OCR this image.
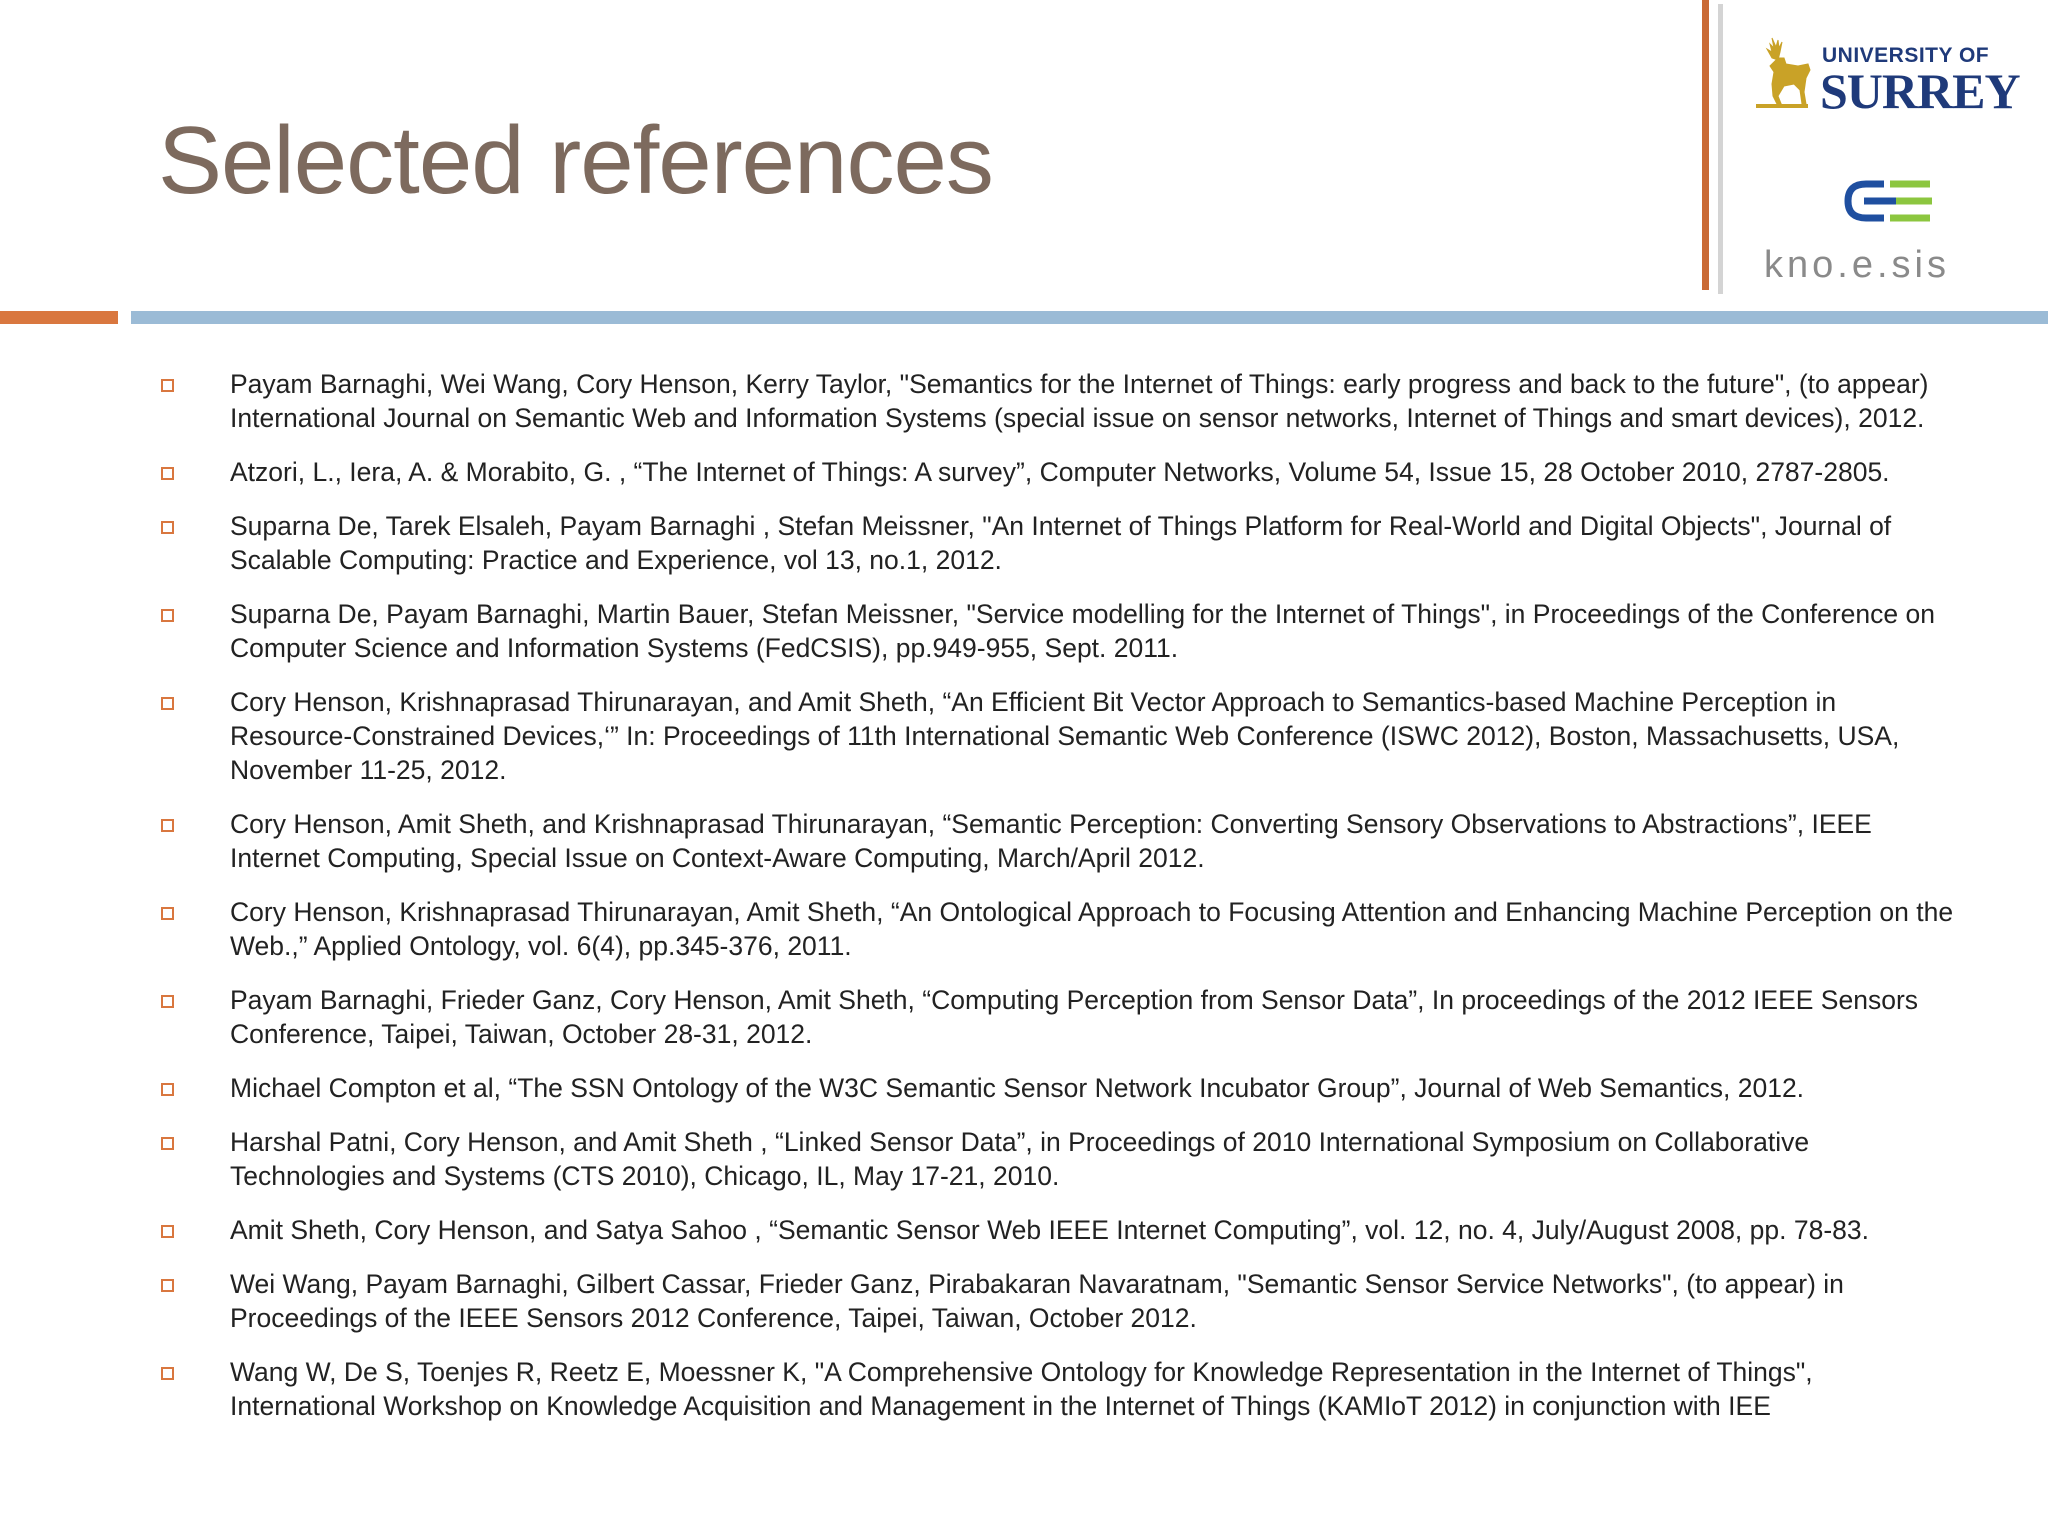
Selected references
UNIVERSITY OF
SURREY
kno.e.sis
Payam Barnaghi, Wei Wang, Cory Henson, Kerry Taylor, "Semantics for the Internet of Things: early progress and back to the future", (to appear) International Journal on Semantic Web and Information Systems (special issue on sensor networks, Internet of Things and smart devices), 2012.
Atzori, L., Iera, A. & Morabito, G. , “The Internet of Things: A survey”, Computer Networks, Volume 54, Issue 15, 28 October 2010, 2787-2805.
Suparna De, Tarek Elsaleh, Payam Barnaghi , Stefan Meissner, "An Internet of Things Platform for Real-World and Digital Objects", Journal of Scalable Computing: Practice and Experience, vol 13, no.1, 2012.
Suparna De, Payam Barnaghi, Martin Bauer, Stefan Meissner, "Service modelling for the Internet of Things", in Proceedings of the Conference on Computer Science and Information Systems (FedCSIS), pp.949-955, Sept. 2011.
Cory Henson, Krishnaprasad Thirunarayan, and Amit Sheth, “An Efficient Bit Vector Approach to Semantics-based Machine Perception in Resource-Constrained Devices,‘” In: Proceedings of 11th International Semantic Web Conference (ISWC 2012), Boston, Massachusetts, USA, November 11-25, 2012.
Cory Henson, Amit Sheth, and Krishnaprasad Thirunarayan, “Semantic Perception: Converting Sensory Observations to Abstractions”, IEEE Internet Computing, Special Issue on Context-Aware Computing, March/April 2012.
Cory Henson, Krishnaprasad Thirunarayan, Amit Sheth, “An Ontological Approach to Focusing Attention and Enhancing Machine Perception on the Web.,” Applied Ontology, vol. 6(4), pp.345-376, 2011.
Payam Barnaghi, Frieder Ganz, Cory Henson, Amit Sheth, “Computing Perception from Sensor Data”, In proceedings of the 2012 IEEE Sensors Conference, Taipei, Taiwan, October 28-31, 2012.
Michael Compton et al, “The SSN Ontology of the W3C Semantic Sensor Network Incubator Group”, Journal of Web Semantics, 2012.
Harshal Patni, Cory Henson, and Amit Sheth , “Linked Sensor Data”, in Proceedings of 2010 International Symposium on Collaborative Technologies and Systems (CTS 2010), Chicago, IL, May 17-21, 2010.
Amit Sheth, Cory Henson, and Satya Sahoo , “Semantic Sensor Web IEEE Internet Computing”, vol. 12, no. 4, July/August 2008, pp. 78-83.
Wei Wang, Payam Barnaghi, Gilbert Cassar, Frieder Ganz, Pirabakaran Navaratnam, "Semantic Sensor Service Networks", (to appear) in Proceedings of the IEEE Sensors 2012 Conference, Taipei, Taiwan, October 2012.
Wang W, De S, Toenjes R, Reetz E, Moessner K, "A Comprehensive Ontology for Knowledge Representation in the Internet of Things", International Workshop on Knowledge Acquisition and Management in the Internet of Things (KAMIoT 2012) in conjunction with IEE
